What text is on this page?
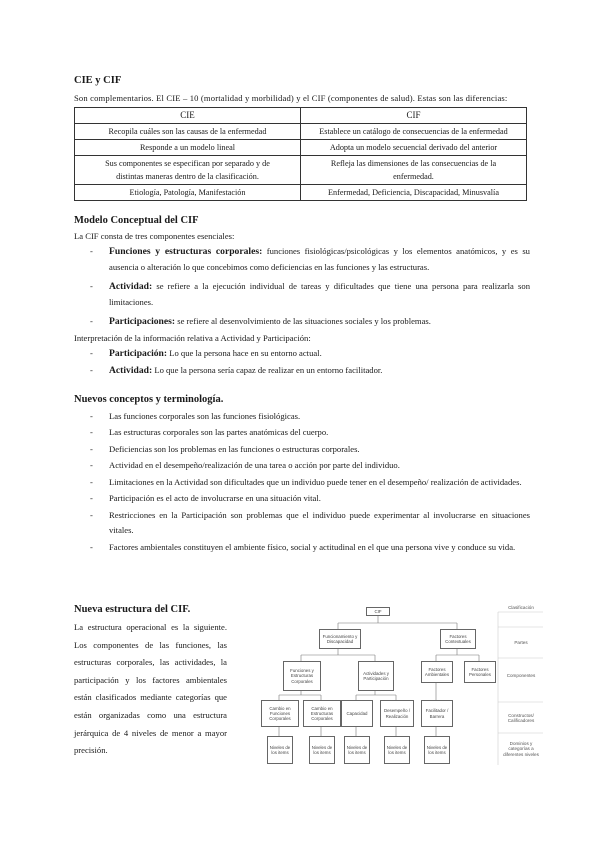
CIE y CIF

Son complementarios. El CIE – 10 (mortalidad y morbilidad) y el CIF (componentes de salud). Estas son las diferencias:

CIE	CIF
Recopila cuáles son las causas de la enfermedad	Establece un catálogo de consecuencias de la enfermedad
Responde a un modelo lineal	Adopta un modelo secuencial derivado del anterior
Sus componentes se especifican por separado y de distintas maneras dentro de la clasificación.	Refleja las dimensiones de las consecuencias de la enfermedad.
Etiología, Patología, Manifestación	Enfermedad, Deficiencia, Discapacidad, Minusvalía
Modelo Conceptual del CIF

La CIF consta de tres componentes esenciales:

- Funciones y estructuras corporales: funciones fisiológicas/psicológicas y los elementos anatómicos, y es su ausencia o alteración lo que concebimos como deficiencias en las funciones y las estructuras.
- Actividad: se refiere a la ejecución individual de tareas y dificultades que tiene una persona para realizarla son limitaciones.
- Participaciones: se refiere al desenvolvimiento de las situaciones sociales y los problemas.

Interpretación de la información relativa a Actividad y Participación:

- Participación: Lo que la persona hace en su entorno actual.
- Actividad: Lo que la persona sería capaz de realizar en un entorno facilitador.
Nuevos conceptos y terminología.
- Las funciones corporales son las funciones fisiológicas.
- Las estructuras corporales son las partes anatómicas del cuerpo.
- Deficiencias son los problemas en las funciones o estructuras corporales.
- Actividad en el desempeño/realización de una tarea o acción por parte del individuo.
- Limitaciones en la Actividad son dificultades que un individuo puede tener en el desempeño/ realización de actividades.
- Participación es el acto de involucrarse en una situación vital.
- Restricciones en la Participación son problemas que el individuo puede experimentar al involucrarse en situaciones vitales.
- Factores ambientales constituyen el ambiente físico, social y actitudinal en el que una persona vive y conduce su vida.
Nueva estructura del CIF.

La estructura operacional es la siguiente. Los componentes de las funciones, las estructuras corporales, las actividades, la participación y los factores ambientales están clasificados mediante categorías que están organizadas como una estructura jerárquica de 4 niveles de menor a mayor precisión.

CIF
Funcionamiento y Discapacidad
Factores Contextuales
Funciones y Estructuras Corporales
Actividades y Participación
Factores Ambientales
Factores Personales
Cambio en Funciones Corporales
Cambio en Estructuras Corporales
Capacidad
Desempeño / Realización
Facilitador / Barrera
Niveles de los items
Niveles de los items
Niveles de los items
Niveles de los items
Niveles de los items
Clasificación
Partes
Componentes
Constructos/ Calificadores
Dominios y categorías a diferentes niveles
